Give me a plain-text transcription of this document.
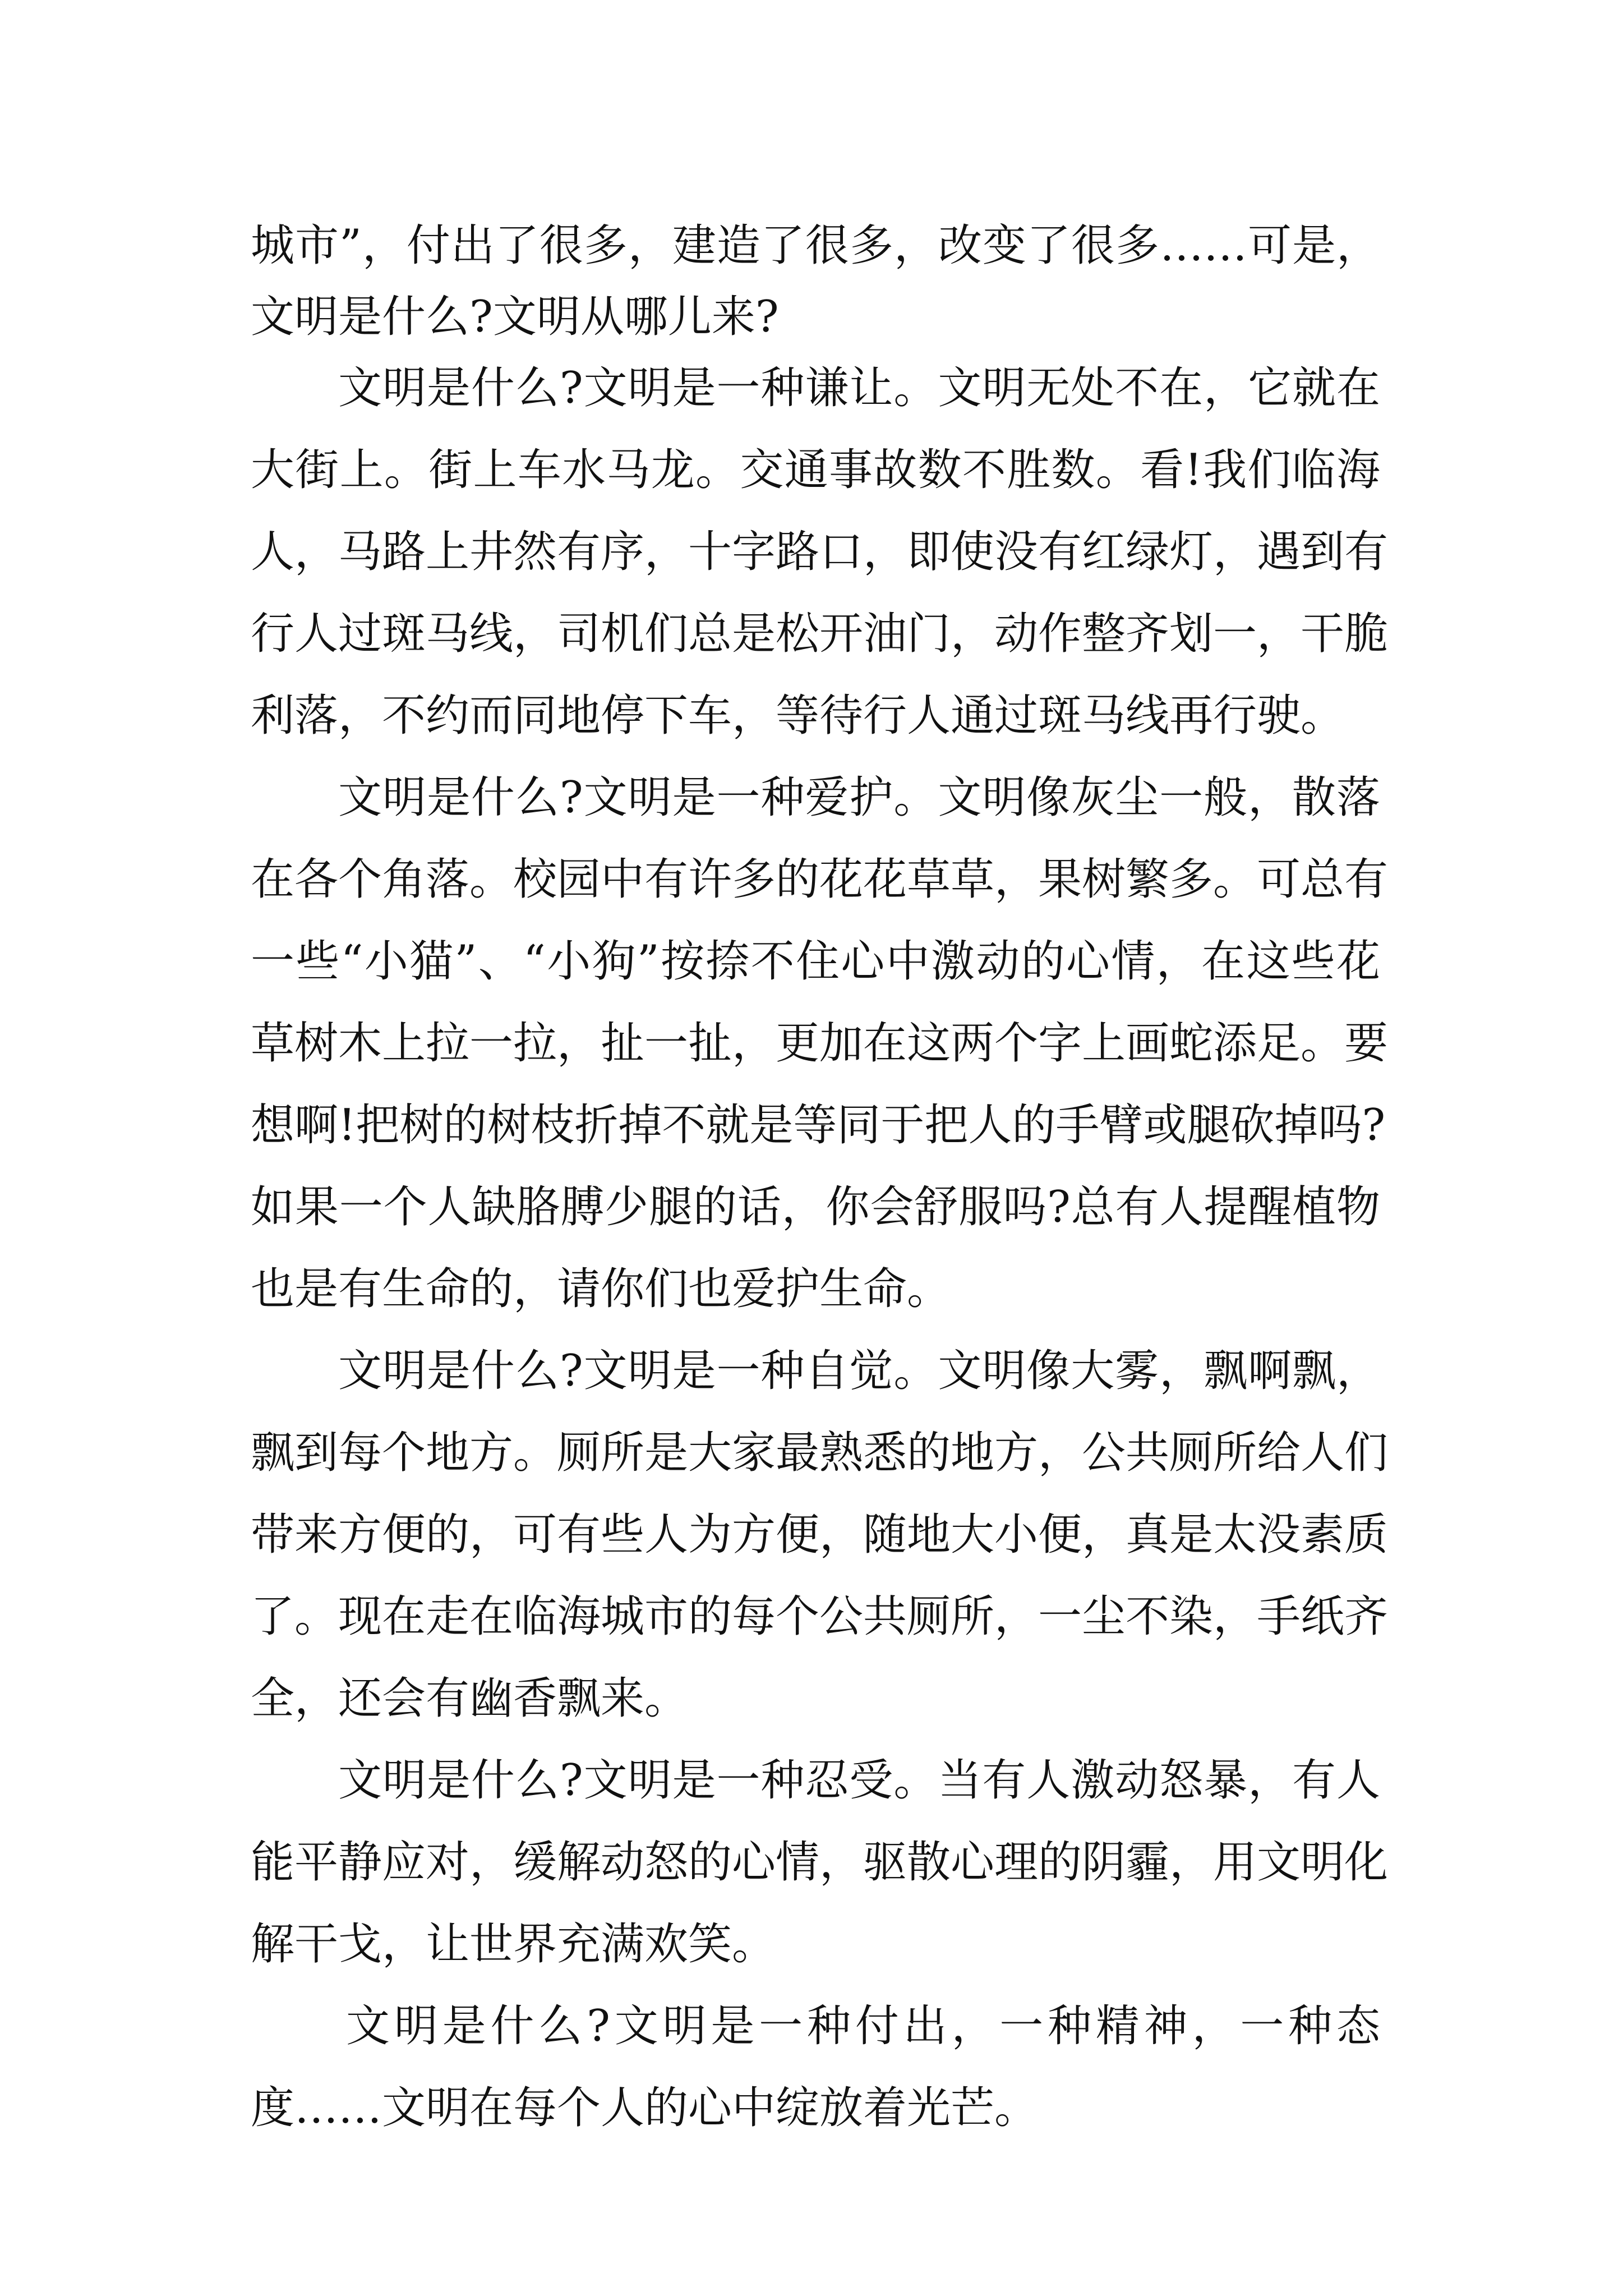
城市”，付出了很多，建造了很多，改变了很多……可是，

文明是什么?文明从哪儿来?

文明是什么?文明是一种谦让。文明无处不在，它就在

大街上。街上车水马龙。交通事故数不胜数。看!我们临海

人，马路上井然有序，十字路口，即使没有红绿灯，遇到有

行人过斑马线，司机们总是松开油门，动作整齐划一，干脆

利落，不约而同地停下车，等待行人通过斑马线再行驶。

文明是什么?文明是一种爱护。文明像灰尘一般，散落

在各个角落。校园中有许多的花花草草，果树繁多。可总有

一些“小猫”、“小狗”按捺不住心中激动的心情，在这些花

草树木上拉一拉，扯一扯，更加在这两个字上画蛇添足。要

想啊!把树的树枝折掉不就是等同于把人的手臂或腿砍掉吗?

如果一个人缺胳膊少腿的话，你会舒服吗?总有人提醒植物

也是有生命的，请你们也爱护生命。

文明是什么?文明是一种自觉。文明像大雾，飘啊飘，

飘到每个地方。厕所是大家最熟悉的地方，公共厕所给人们

带来方便的，可有些人为方便，随地大小便，真是太没素质

了。现在走在临海城市的每个公共厕所，一尘不染，手纸齐

全，还会有幽香飘来。

文明是什么?文明是一种忍受。当有人激动怒暴，有人

能平静应对，缓解动怒的心情，驱散心理的阴霾，用文明化

解干戈，让世界充满欢笑。

文明是什么?文明是一种付出，一种精神，一种态

度……文明在每个人的心中绽放着光芒。
